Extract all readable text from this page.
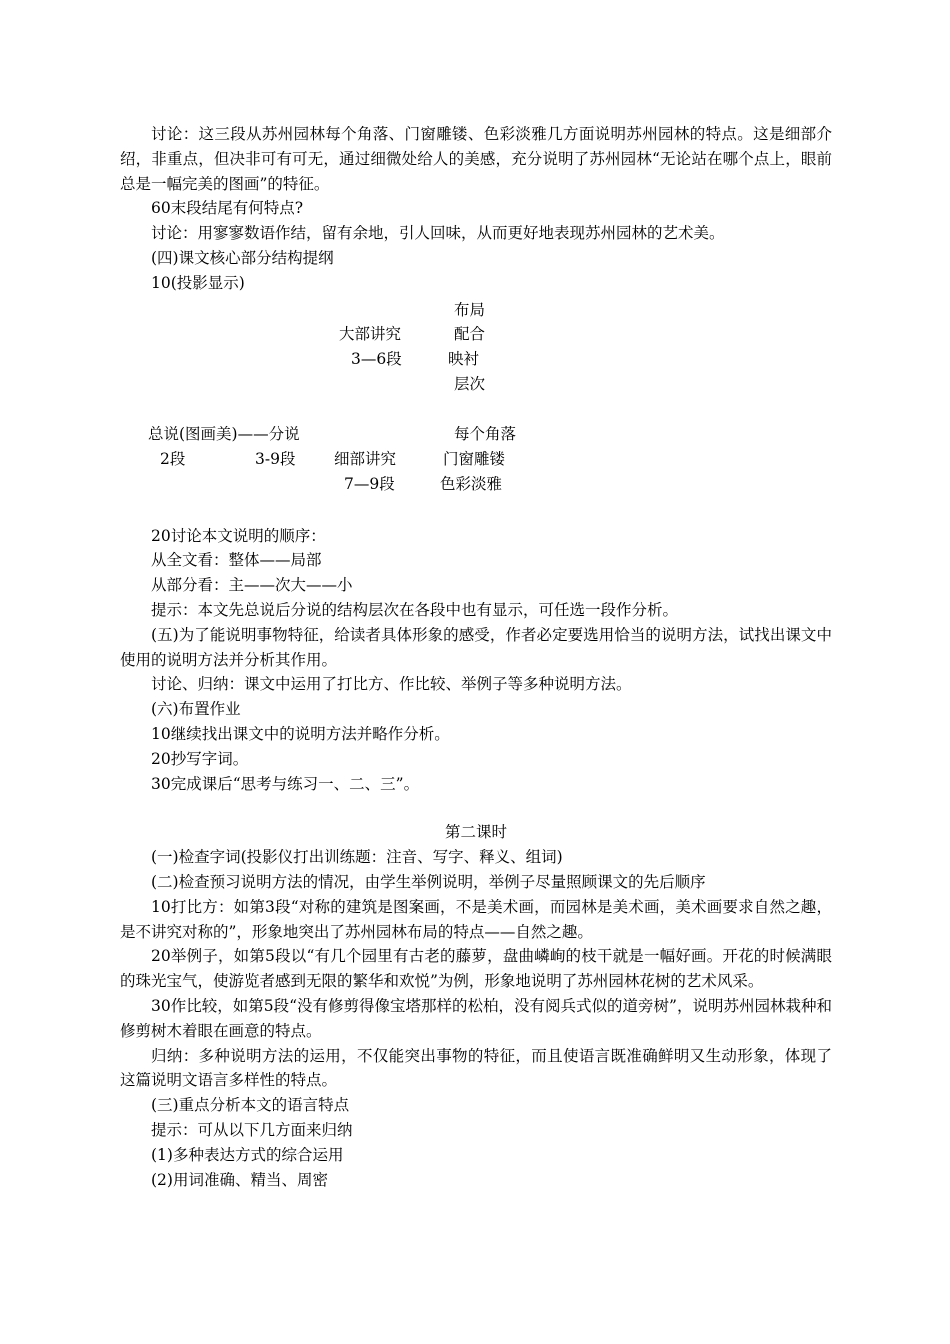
讨论：这三段从苏州园林每个角落、门窗雕镂、色彩淡雅几方面说明苏州园林的特点。这是细部介绍，非重点，但决非可有可无，通过细微处给人的美感，充分说明了苏州园林“无论站在哪个点上，眼前总是一幅完美的图画”的特征。

60末段结尾有何特点?

讨论：用寥寥数语作结，留有余地，引人回味，从而更好地表现苏州园林的艺术美。

(四)课文核心部分结构提纲

10(投影显示)

布局
大部讲究	配合
3—6段	映衬
层次
总说(图画美)——分说	每个角落
2段	3-9段 细部讲究	门窗雕镂
7—9段	色彩淡雅

20讨论本文说明的顺序：

从全文看：整体——局部

从部分看：主——次大——小

提示：本文先总说后分说的结构层次在各段中也有显示，可任选一段作分析。

(五)为了能说明事物特征，给读者具体形象的感受，作者必定要选用恰当的说明方法，试找出课文中使用的说明方法并分析其作用。

讨论、归纳：课文中运用了打比方、作比较、举例子等多种说明方法。

(六)布置作业

10继续找出课文中的说明方法并略作分析。

20抄写字词。

30完成课后“思考与练习一、二、三”。

第二课时

(一)检查字词(投影仪打出训练题：注音、写字、释义、组词)

(二)检查预习说明方法的情况，由学生举例说明，举例子尽量照顾课文的先后顺序

10打比方：如第3段“对称的建筑是图案画，不是美术画，而园林是美术画，美术画要求自然之趣，是不讲究对称的”，形象地突出了苏州园林布局的特点——自然之趣。

20举例子，如第5段以“有几个园里有古老的藤萝，盘曲嶙峋的枝干就是一幅好画。开花的时候满眼的珠光宝气，使游览者感到无限的繁华和欢悦”为例，形象地说明了苏州园林花树的艺术风采。

30作比较，如第5段“没有修剪得像宝塔那样的松柏，没有阅兵式似的道旁树”，说明苏州园林栽种和修剪树木着眼在画意的特点。

归纳：多种说明方法的运用，不仅能突出事物的特征，而且使语言既准确鲜明又生动形象，体现了这篇说明文语言多样性的特点。

(三)重点分析本文的语言特点

提示：可从以下几方面来归纳

(1)多种表达方式的综合运用

(2)用词准确、精当、周密
